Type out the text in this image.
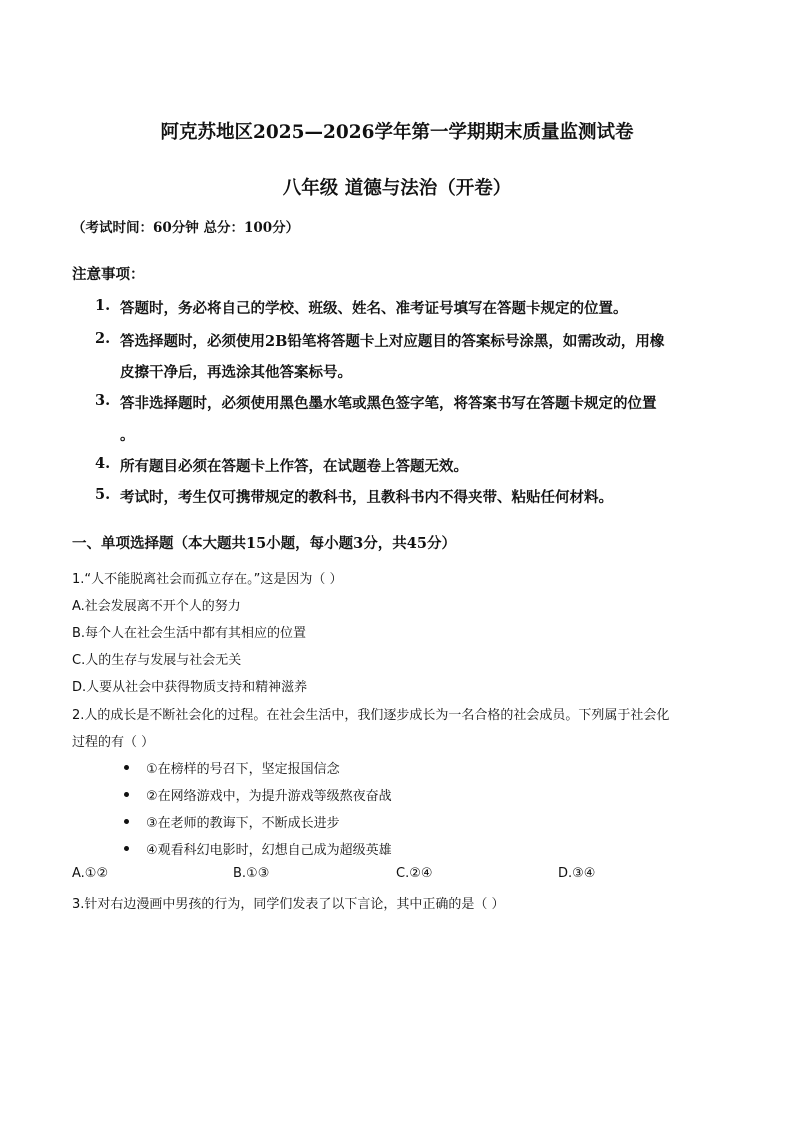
阿克苏地区2025—2026学年第一学期期末质量监测试卷
八年级 道德与法治（开卷）
（考试时间：60分钟 总分：100分）
注意事项：
1. 答题时，务必将自己的学校、班级、姓名、准考证号填写在答题卡规定的位置。
2. 答选择题时，必须使用2B铅笔将答题卡上对应题目的答案标号涂黑，如需改动，用橡
皮擦干净后，再选涂其他答案标号。
3. 答非选择题时，必须使用黑色墨水笔或黑色签字笔，将答案书写在答题卡规定的位置
。
4. 所有题目必须在答题卡上作答，在试题卷上答题无效。
5. 考试时，考生仅可携带规定的教科书，且教科书内不得夹带、粘贴任何材料。
一、单项选择题（本大题共15小题，每小题3分，共45分）
1.“人不能脱离社会而孤立存在。”这是因为（ ）
A.社会发展离不开个人的努力
B.每个人在社会生活中都有其相应的位置
C.人的生存与发展与社会无关
D.人要从社会中获得物质支持和精神滋养
2.人的成长是不断社会化的过程。在社会生活中，我们逐步成长为一名合格的社会成员。下列属于社会化
过程的有（ ）
①在榜样的号召下，坚定报国信念
②在网络游戏中，为提升游戏等级熬夜奋战
③在老师的教诲下，不断成长进步
④观看科幻电影时，幻想自己成为超级英雄
A.①②	B.①③	C.②④	D.③④
3.针对右边漫画中男孩的行为，同学们发表了以下言论，其中正确的是（ ）
